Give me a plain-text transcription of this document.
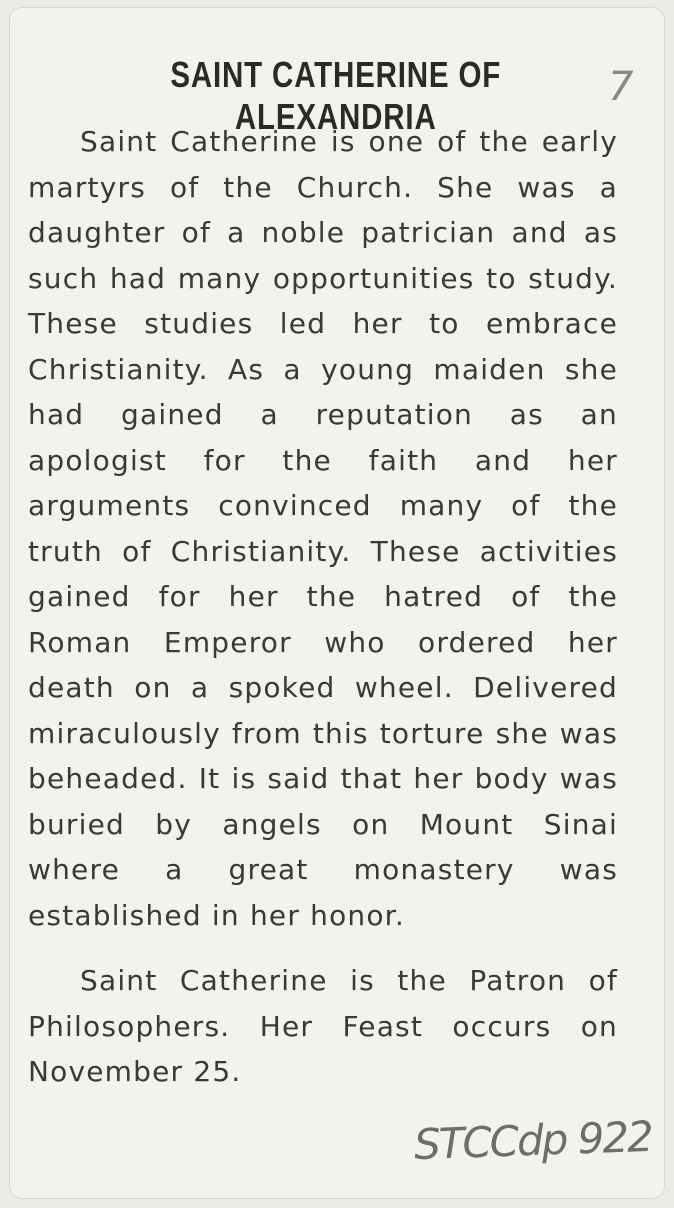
SAINT CATHERINE OF ALEXANDRIA

Saint Catherine is one of the early martyrs of the Church. She was a daughter of a noble patrician and as such had many opportunities to study. These studies led her to embrace Christianity. As a young maiden she had gained a reputation as an apologist for the faith and her arguments convinced many of the truth of Christianity. These activities gained for her the hatred of the Roman Emperor who ordered her death on a spoked wheel. Delivered miraculously from this torture she was beheaded. It is said that her body was buried by angels on Mount Sinai where a great monastery was established in her honor.

Saint Catherine is the Patron of Philosophers. Her Feast occurs on November 25.

7
STCCdp 922
